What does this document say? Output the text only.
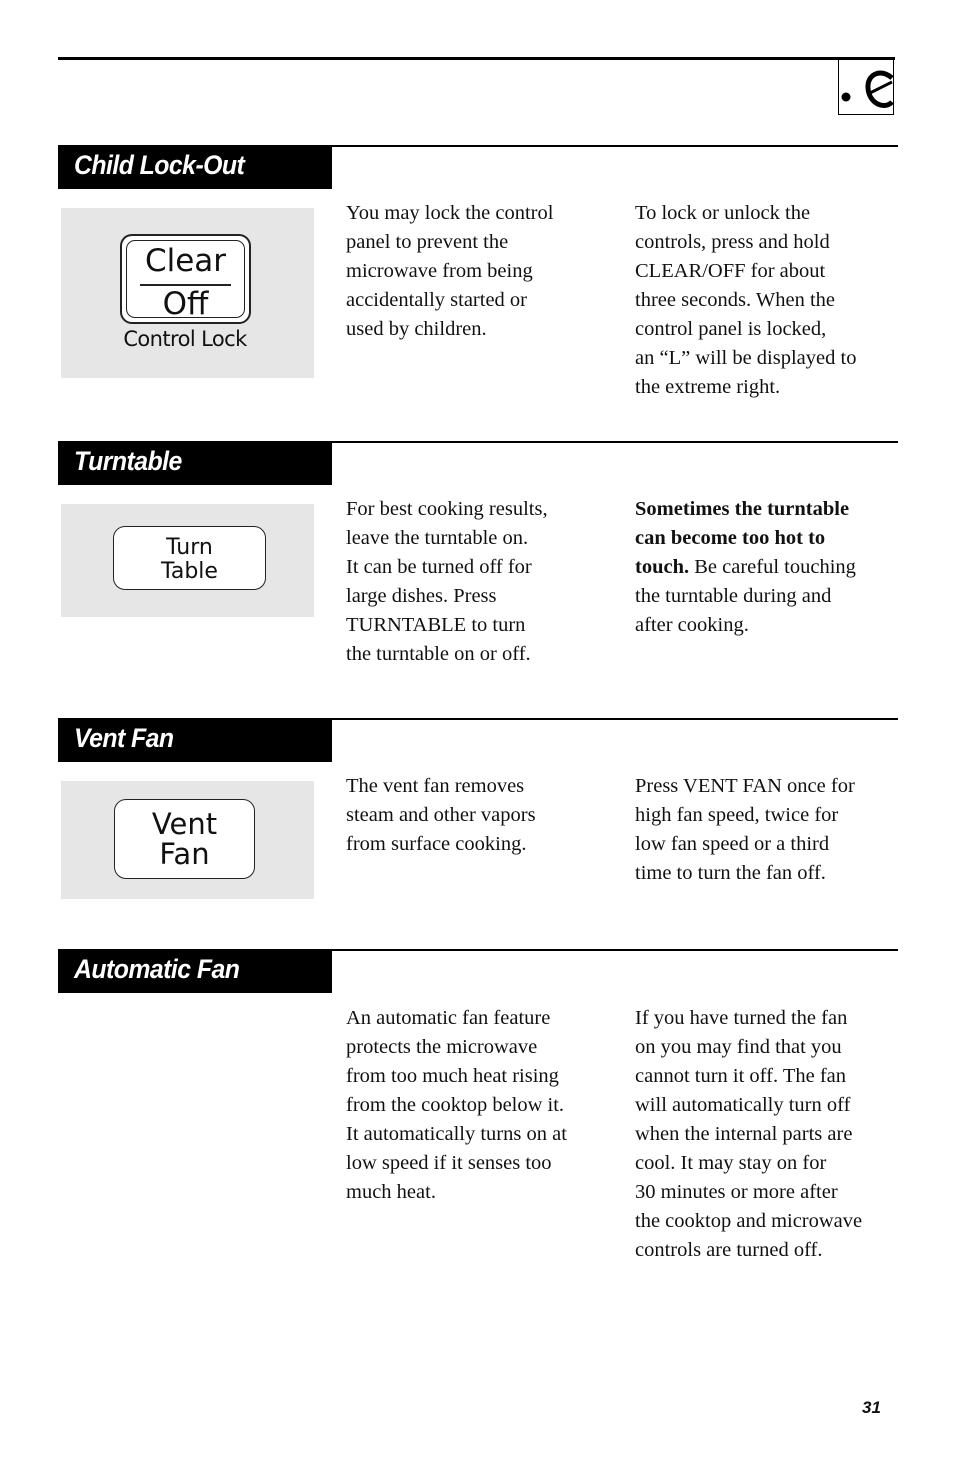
Child Lock-Out
Clear
Off
Control Lock
You may lock the control
panel to prevent the
microwave from being
accidentally started or
used by children.
To lock or unlock the
controls, press and hold
CLEAR/OFF for about
three seconds. When the
control panel is locked,
an “L” will be displayed to
the extreme right.
Turntable
Turn
Table
For best cooking results,
leave the turntable on.
It can be turned off for
large dishes. Press
TURNTABLE to turn
the turntable on or off.
Sometimes the turntable
can become too hot to
touch. Be careful touching
the turntable during and
after cooking.
Vent Fan
Vent
Fan
The vent fan removes
steam and other vapors
from surface cooking.
Press VENT FAN once for
high fan speed, twice for
low fan speed or a third
time to turn the fan off.
Automatic Fan
An automatic fan feature
protects the microwave
from too much heat rising
from the cooktop below it.
It automatically turns on at
low speed if it senses too
much heat.
If you have turned the fan
on you may find that you
cannot turn it off. The fan
will automatically turn off
when the internal parts are
cool. It may stay on for
30 minutes or more after
the cooktop and microwave
controls are turned off.
31
